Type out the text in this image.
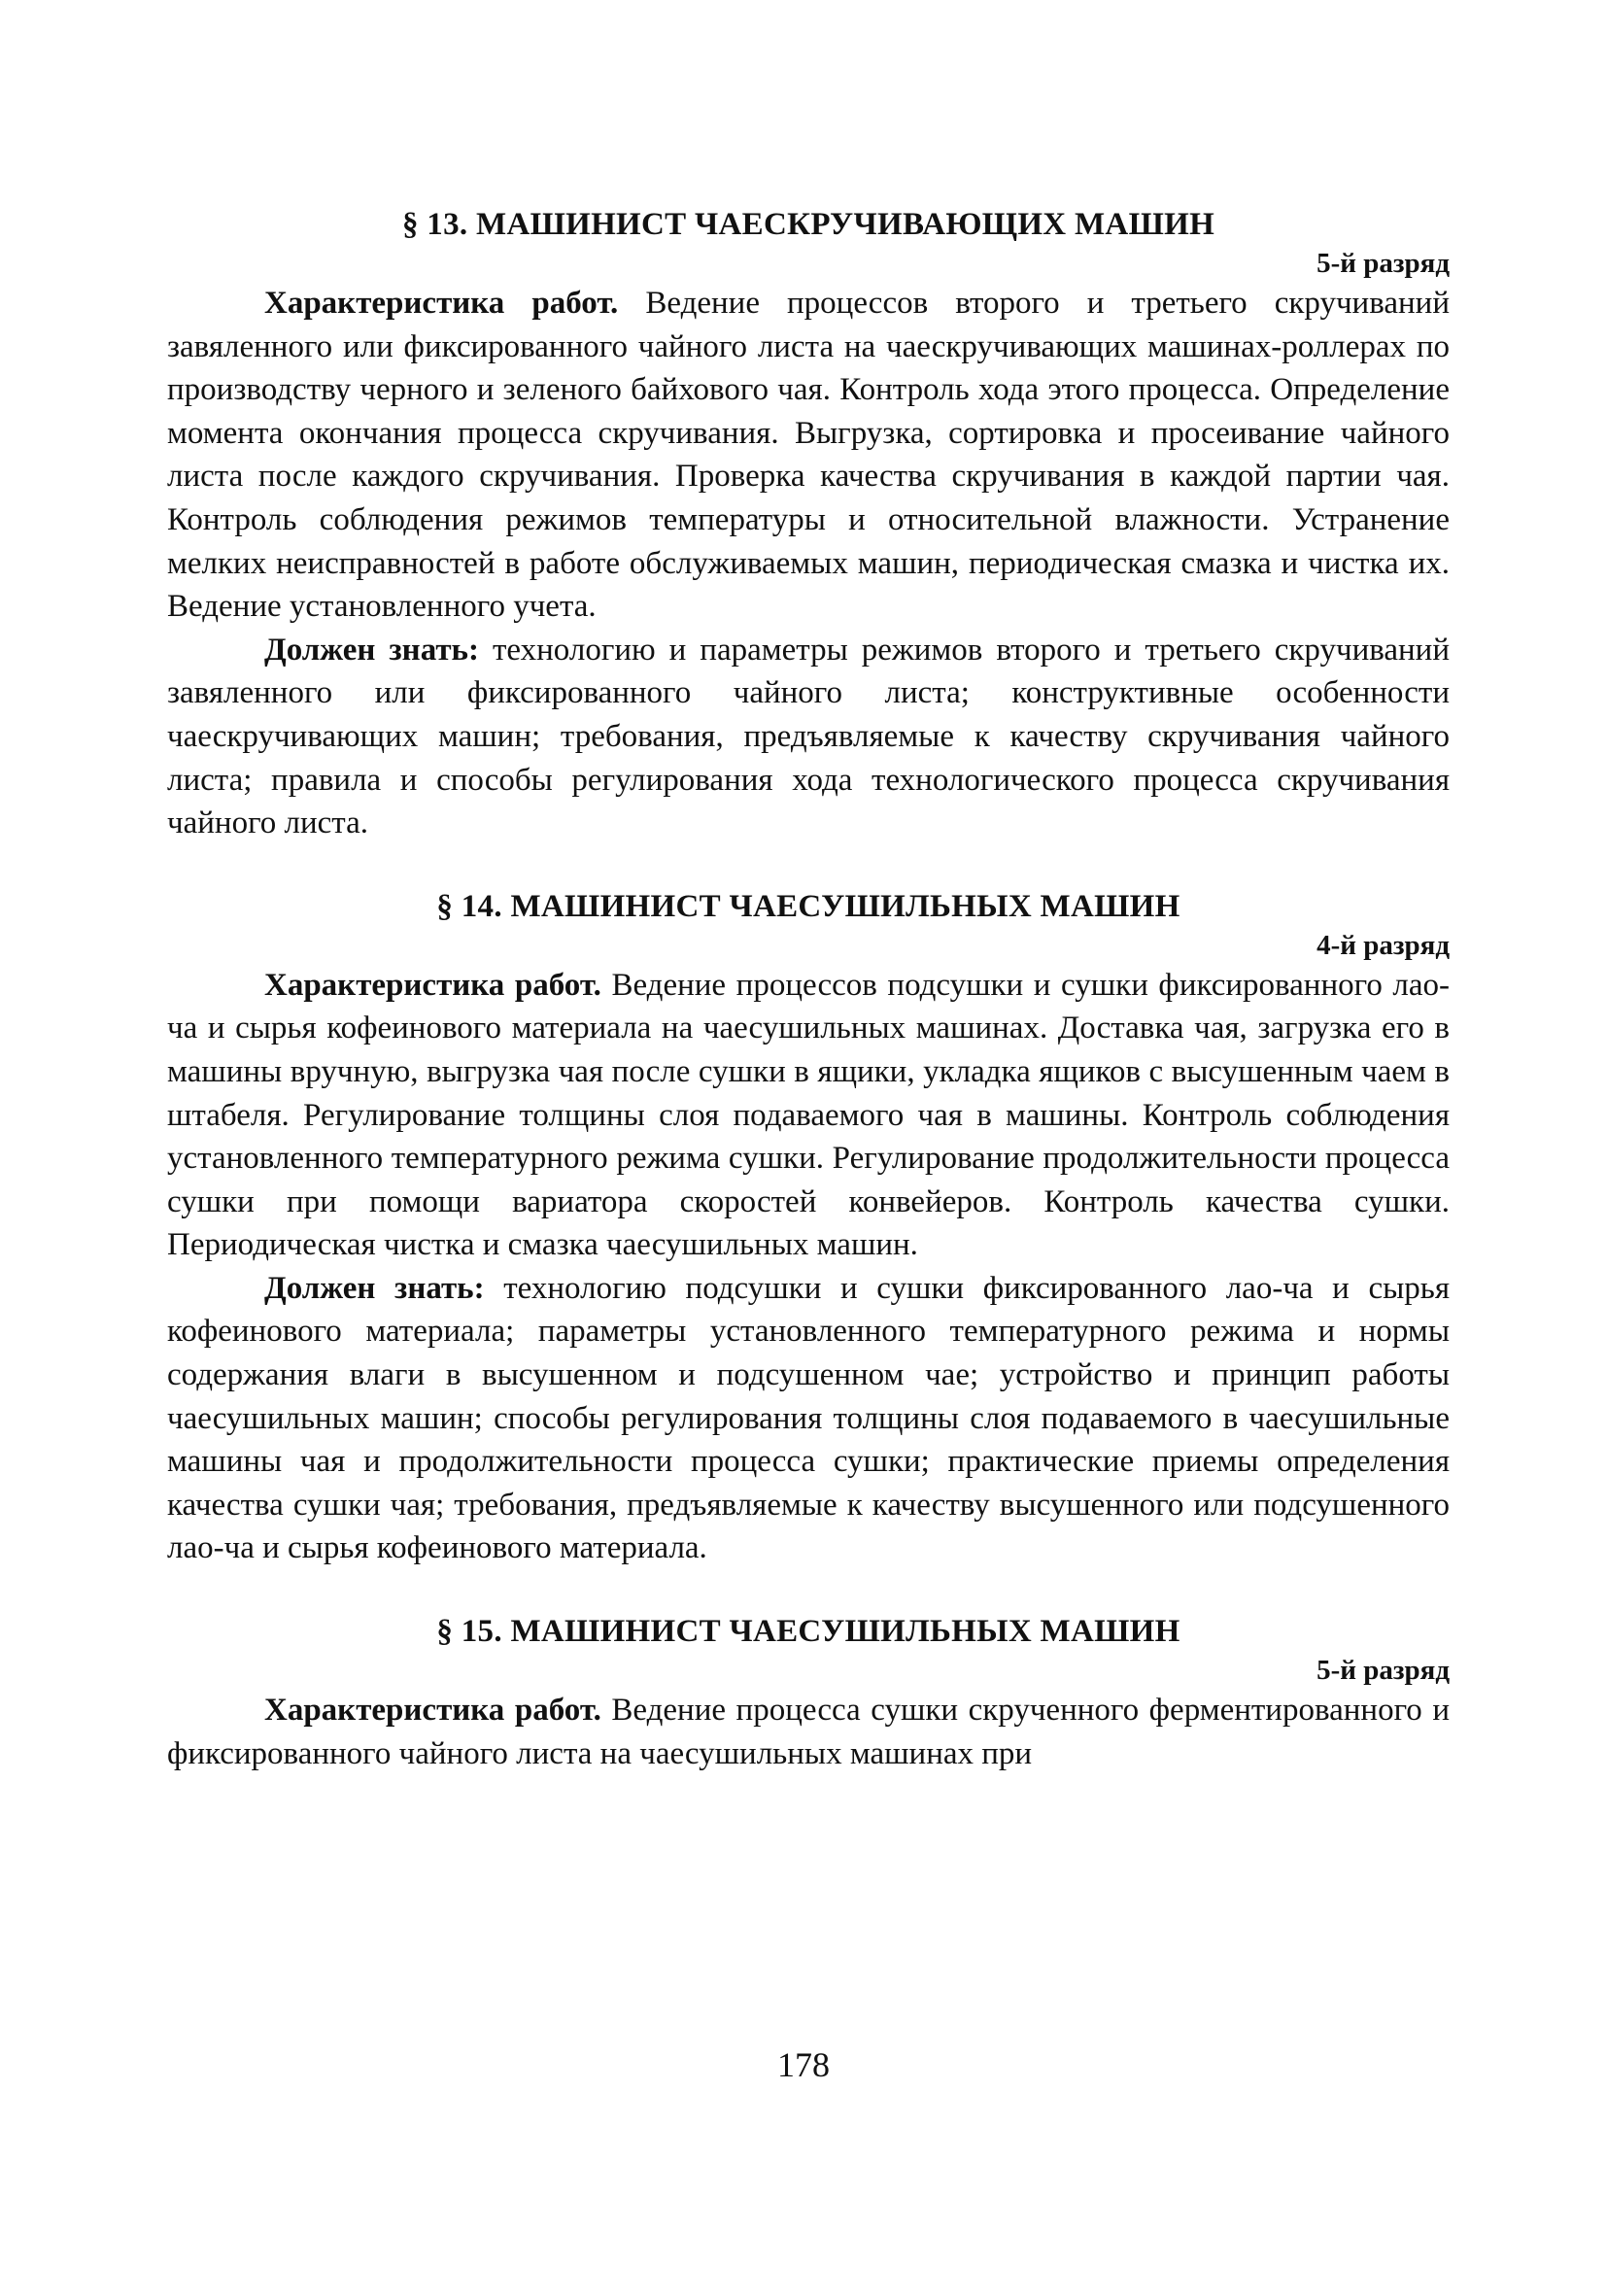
§ 13. МАШИНИСТ ЧАЕСКРУЧИВАЮЩИХ МАШИН
5-й разряд

Характеристика работ. Ведение процессов второго и третьего скручиваний завяленного или фиксированного чайного листа на чаескручивающих машинах-роллерах по производству черного и зеленого байхового чая. Контроль хода этого процесса. Определение момента окончания процесса скручивания. Выгрузка, сортировка и просеивание чайного листа после каждого скручивания. Проверка качества скручивания в каждой партии чая. Контроль соблюдения режимов температуры и относительной влажности. Устранение мелких неисправностей в работе обслуживаемых машин, периодическая смазка и чистка их. Ведение установленного учета.

Должен знать: технологию и параметры режимов второго и третьего скручиваний завяленного или фиксированного чайного листа; конструктивные особенности чаескручивающих машин; требования, предъявляемые к качеству скручивания чайного листа; правила и способы регулирования хода технологического процесса скручивания чайного листа.

§ 14. МАШИНИСТ ЧАЕСУШИЛЬНЫХ МАШИН
4-й разряд

Характеристика работ. Ведение процессов подсушки и сушки фиксированного лао-ча и сырья кофеинового материала на чаесушильных машинах. Доставка чая, загрузка его в машины вручную, выгрузка чая после сушки в ящики, укладка ящиков с высушенным чаем в штабеля. Регулирование толщины слоя подаваемого чая в машины. Контроль соблюдения установленного температурного режима сушки. Регулирование продолжительности процесса сушки при помощи вариатора скоростей конвейеров. Контроль качества сушки. Периодическая чистка и смазка чаесушильных машин.

Должен знать: технологию подсушки и сушки фиксированного лао-ча и сырья кофеинового материала; параметры установленного температурного режима и нормы содержания влаги в высушенном и подсушенном чае; устройство и принцип работы чаесушильных машин; способы регулирования толщины слоя подаваемого в чаесушильные машины чая и продолжительности процесса сушки; практические приемы определения качества сушки чая; требования, предъявляемые к качеству высушенного или подсушенного лао-ча и сырья кофеинового материала.

§ 15. МАШИНИСТ ЧАЕСУШИЛЬНЫХ МАШИН
5-й разряд

Характеристика работ. Ведение процесса сушки скрученного ферментированного и фиксированного чайного листа на чаесушильных машинах при

178
